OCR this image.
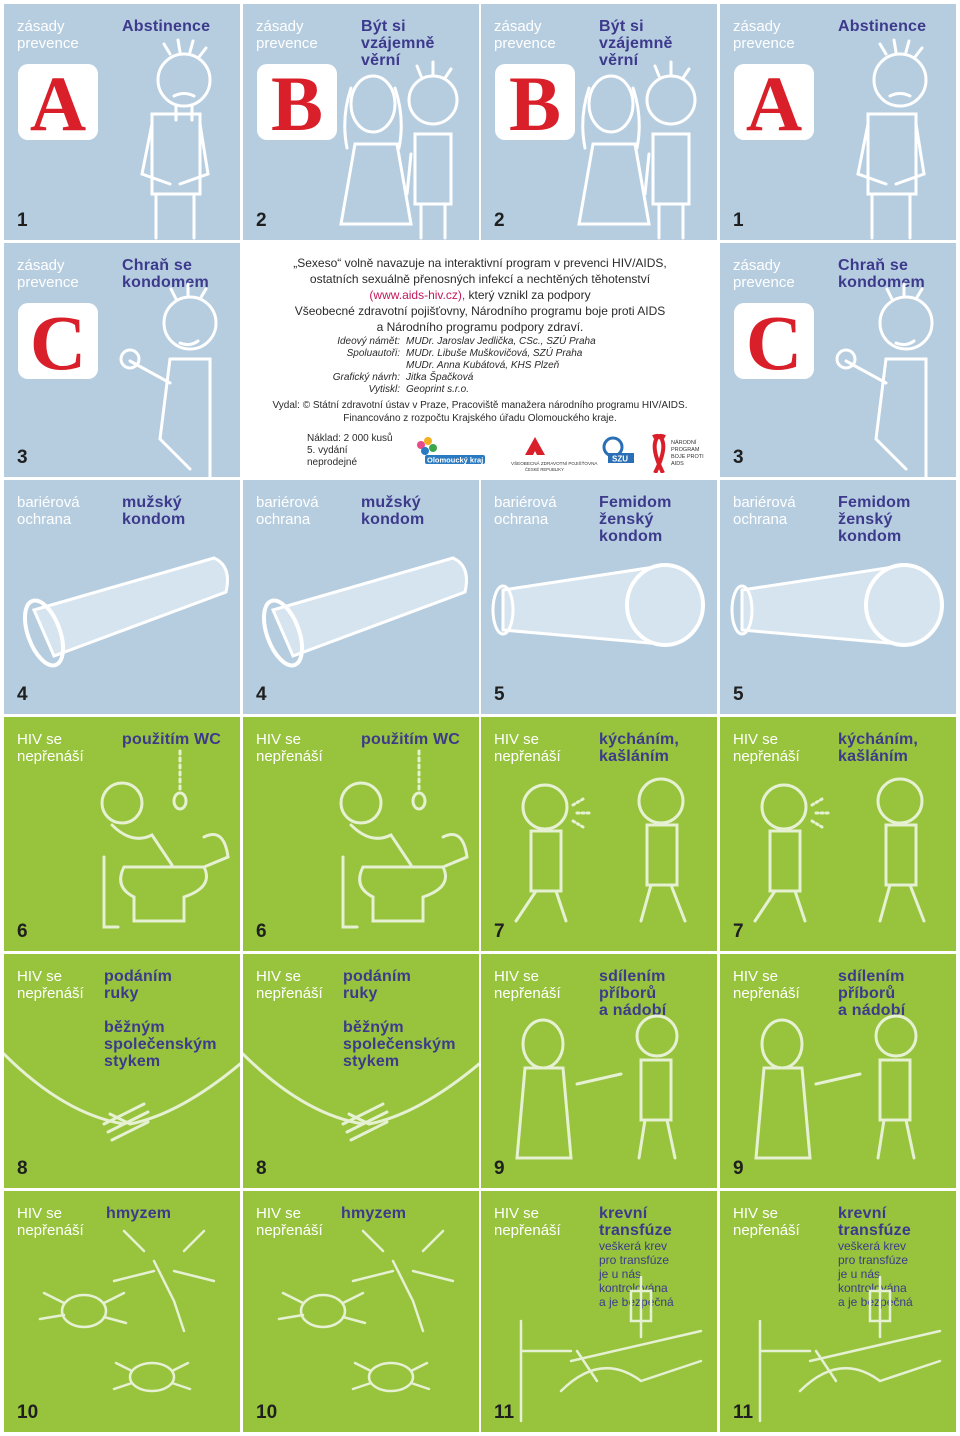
zásady
prevence
Abstinence
A
1
zásady
prevence
Být si
vzájemně
věrní
B
2
zásady
prevence
Být si
vzájemně
věrní
B
2
zásady
prevence
Abstinence
A
1
zásady
prevence
Chraň se
kondomem
C
3
„Sexeso“ volně navazuje na interaktivní program v prevenci HIV/AIDS,
ostatních sexuálně přenosných infekcí a nechtěných těhotenství
(www.aids-hiv.cz), který vznikl za podpory
Všeobecné zdravotní pojišťovny, Národního programu boje proti AIDS
a Národního programu podpory zdraví.
Ideový námět: MUDr. Jaroslav Jedlička, CSc., SZÚ Praha
Spoluautoři: MUDr. Libuše Muškovičová, SZÚ Praha
MUDr. Anna Kubátová, KHS Plzeň
Grafický návrh: Jitka Špačková
Vytiskl: Geoprint s.r.o.
Vydal: © Státní zdravotní ústav v Praze, Pracoviště manažera národního programu HIV/AIDS.
Financováno z rozpočtu Krajského úřadu Olomouckého kraje.
Náklad: 2 000 kusů
5. vydání
neprodejné	Olomoucký kraj	VŠEOBECNÁ ZDRAVOTNÍ POJIŠŤOVNA
ČESKÉ REPUBLIKY
SZU
NÁRODNÍ
PROGRAM
BOJE PROTI
AIDS
zásady
prevence
Chraň se
kondomem
C
3
bariérová
ochrana
mužský
kondom
4
bariérová
ochrana
mužský
kondom
4
bariérová
ochrana
Femidom
ženský
kondom
5
bariérová
ochrana
Femidom
ženský
kondom
5
HIV se
nepřenáší
použitím WC
6
HIV se
nepřenáší
použitím WC
6
HIV se
nepřenáší
kýcháním,
kašláním
7
HIV se
nepřenáší
kýcháním,
kašláním
7
HIV se
nepřenáší
podáním
ruky

běžným
společenským
stykem
8
HIV se
nepřenáší
podáním
ruky

běžným
společenským
stykem
8
HIV se
nepřenáší
sdílením
příborů
a nádobí
9
HIV se
nepřenáší
sdílením
příborů
a nádobí
9
HIV se
nepřenáší
hmyzem
10
HIV se
nepřenáší
hmyzem
10
HIV se
nepřenáší
krevní
transfúze
veškerá krev
pro transfúze
je u nás
kontrolována
a je bezpečná
11
HIV se
nepřenáší
krevní
transfúze
veškerá krev
pro transfúze
je u nás
kontrolována
a je bezpečná
11
